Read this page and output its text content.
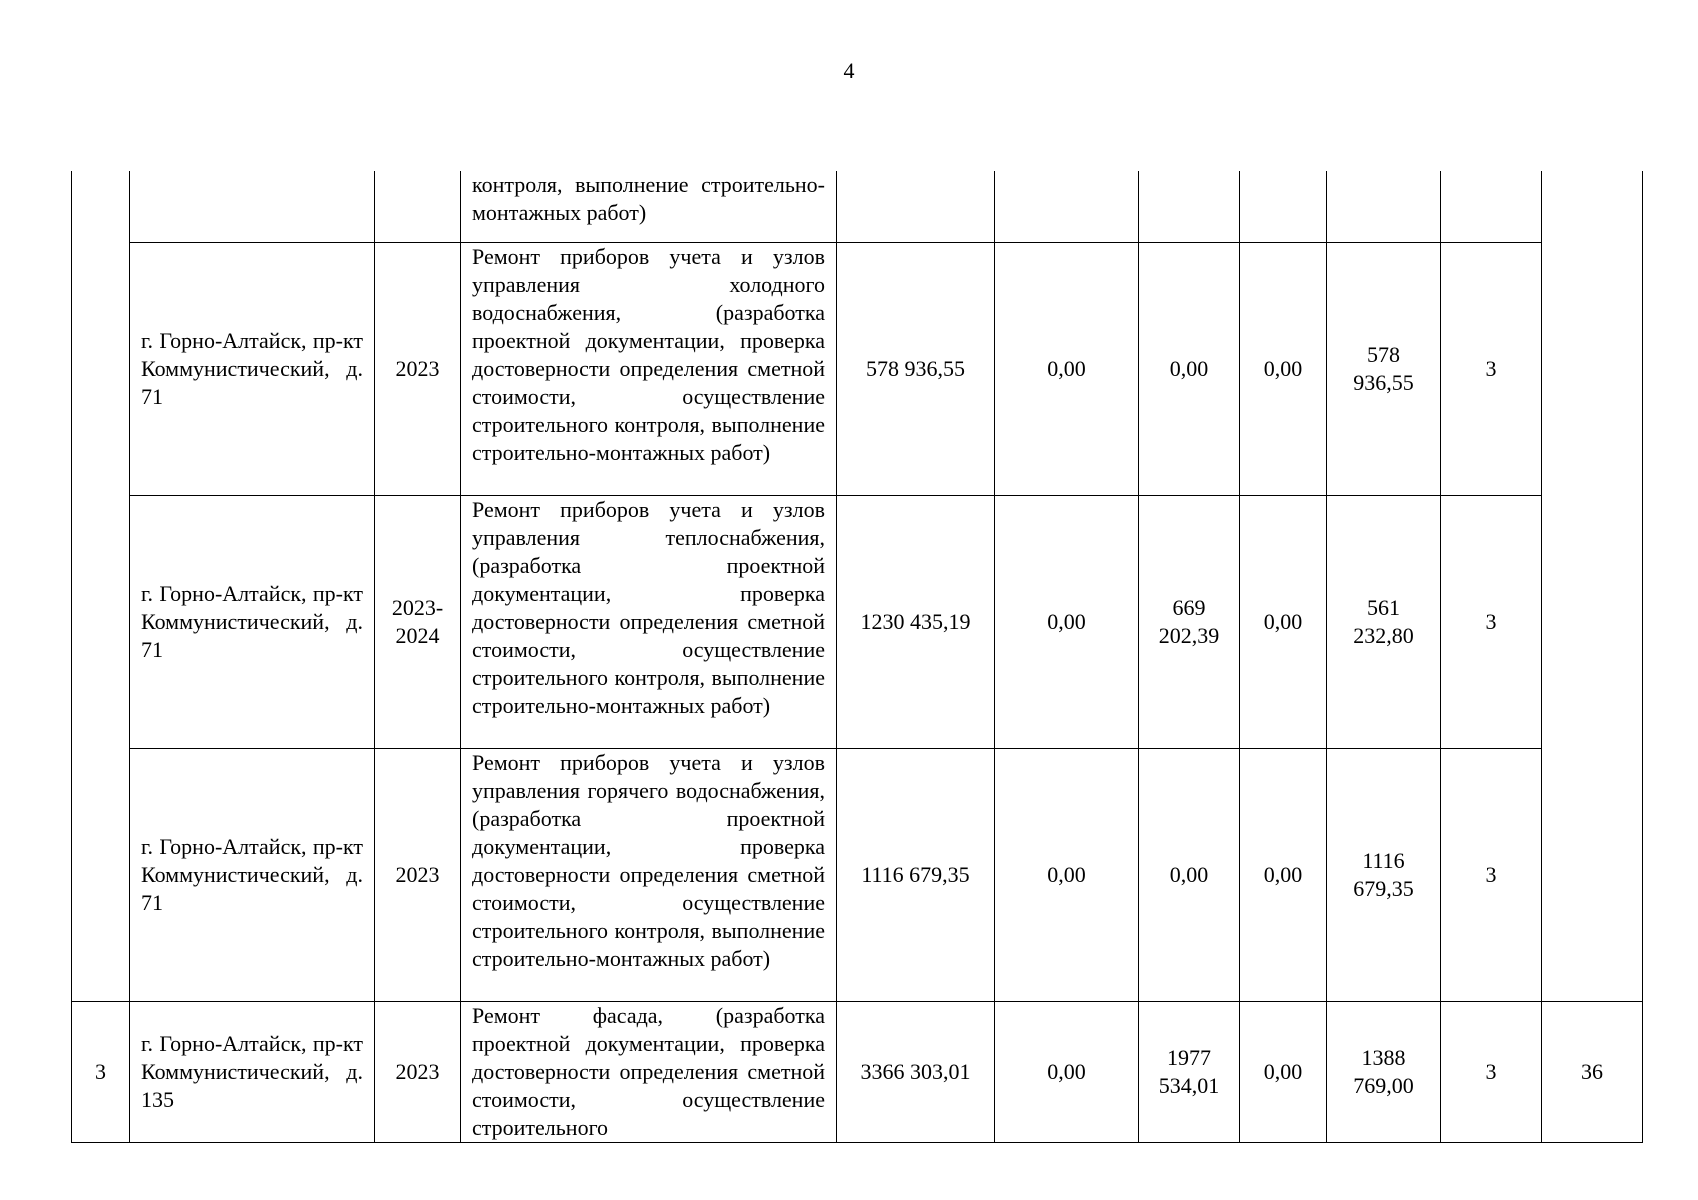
4
			контроля, выполнение строительно-монтажных работ)							
	г. Горно-Алтайск, пр-кт Коммунистический, д. 71	2023	Ремонт приборов учета и узлов управления холодного водоснабжения, (разработка проектной документации, проверка достоверности определения сметной стоимости, осуществление строительного контроля, выполнение строительно-монтажных работ)	578 936,55	0,00	0,00	0,00	578 936,55	3	
	г. Горно-Алтайск, пр-кт Коммунистический, д. 71	2023-2024	Ремонт приборов учета и узлов управления теплоснабжения, (разработка проектной документации, проверка достоверности определения сметной стоимости, осуществление строительного контроля, выполнение строительно-монтажных работ)	1230 435,19	0,00	669 202,39	0,00	561 232,80	3	
	г. Горно-Алтайск, пр-кт Коммунистический, д. 71	2023	Ремонт приборов учета и узлов управления горячего водоснабжения, (разработка проектной документации, проверка достоверности определения сметной стоимости, осуществление строительного контроля, выполнение строительно-монтажных работ)	1116 679,35	0,00	0,00	0,00	1116 679,35	3	
3	г. Горно-Алтайск, пр-кт Коммунистический, д. 135	2023	Ремонт фасада, (разработка проектной документации, проверка достоверности определения сметной стоимости, осуществление строительного	3366 303,01	0,00	1977 534,01	0,00	1388 769,00	3	36
